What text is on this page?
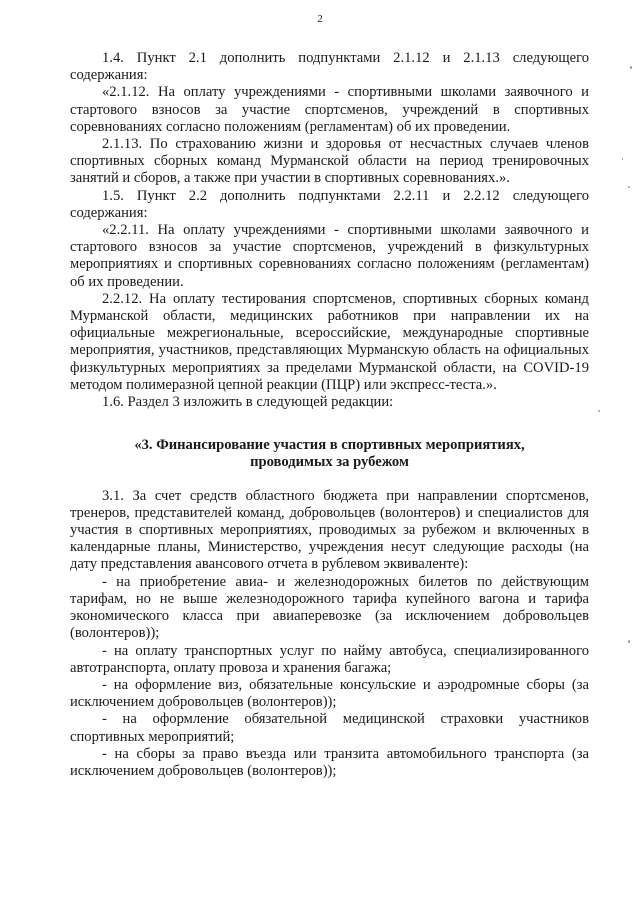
2

1.4. Пункт 2.1 дополнить подпунктами 2.1.12 и 2.1.13 следующего содержания:

«2.1.12. На оплату учреждениями - спортивными школами заявочного и стартового взносов за участие спортсменов, учреждений в спортивных соревнованиях согласно положениям (регламентам) об их проведении.

2.1.13. По страхованию жизни и здоровья от несчастных случаев членов спортивных сборных команд Мурманской области на период тренировочных занятий и сборов, а также при участии в спортивных соревнованиях.».

1.5. Пункт 2.2 дополнить подпунктами 2.2.11 и 2.2.12 следующего содержания:

«2.2.11. На оплату учреждениями - спортивными школами заявочного и стартового взносов за участие спортсменов, учреждений в физкультурных мероприятиях и спортивных соревнованиях согласно положениям (регламентам) об их проведении.

2.2.12. На оплату тестирования спортсменов, спортивных сборных команд Мурманской области, медицинских работников при направлении их на официальные межрегиональные, всероссийские, международные спортивные мероприятия, участников, представляющих Мурманскую область на официальных физкультурных мероприятиях за пределами Мурманской области, на COVID-19 методом полимеразной цепной реакции (ПЦР) или экспресс-теста.».

1.6. Раздел 3 изложить в следующей редакции:

«3. Финансирование участия в спортивных мероприятиях,
проводимых за рубежом

3.1. За счет средств областного бюджета при направлении спортсменов, тренеров, представителей команд, добровольцев (волонтеров) и специалистов для участия в спортивных мероприятиях, проводимых за рубежом и включенных в календарные планы, Министерство, учреждения несут следующие расходы (на дату представления авансового отчета в рублевом эквиваленте):

- на приобретение авиа- и железнодорожных билетов по действующим тарифам, но не выше железнодорожного тарифа купейного вагона и тарифа экономического класса при авиаперевозке (за исключением добровольцев (волонтеров));

- на оплату транспортных услуг по найму автобуса, специализированного автотранспорта, оплату провоза и хранения багажа;

- на оформление виз, обязательные консульские и аэродромные сборы (за исключением добровольцев (волонтеров));

- на оформление обязательной медицинской страховки участников спортивных мероприятий;

- на сборы за право въезда или транзита автомобильного транспорта (за исключением добровольцев (волонтеров));
